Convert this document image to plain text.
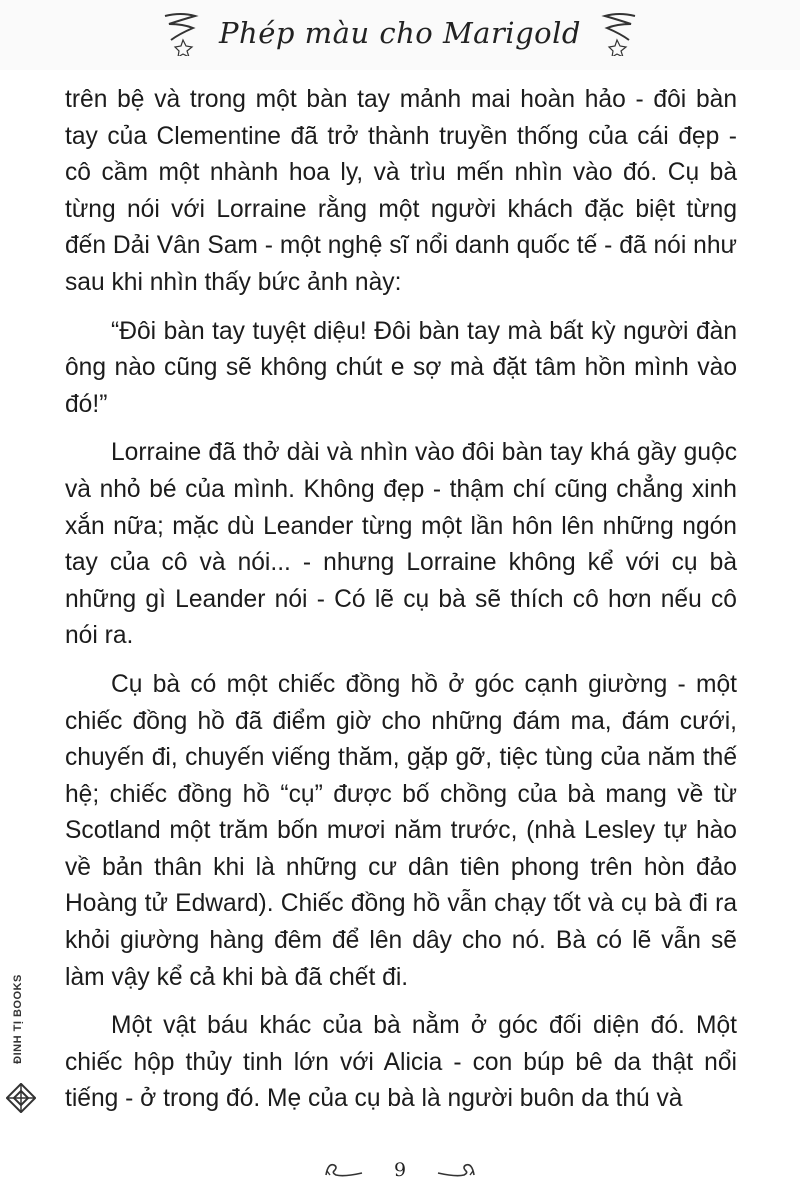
Phép màu cho Marigold

trên bệ và trong một bàn tay mảnh mai hoàn hảo - đôi bàn tay của Clementine đã trở thành truyền thống của cái đẹp - cô cầm một nhành hoa ly, và trìu mến nhìn vào đó. Cụ bà từng nói với Lorraine rằng một người khách đặc biệt từng đến Dải Vân Sam - một nghệ sĩ nổi danh quốc tế - đã nói như sau khi nhìn thấy bức ảnh này:

“Đôi bàn tay tuyệt diệu! Đôi bàn tay mà bất kỳ người đàn ông nào cũng sẽ không chút e sợ mà đặt tâm hồn mình vào đó!”

Lorraine đã thở dài và nhìn vào đôi bàn tay khá gầy guộc và nhỏ bé của mình. Không đẹp - thậm chí cũng chẳng xinh xắn nữa; mặc dù Leander từng một lần hôn lên những ngón tay của cô và nói... - nhưng Lorraine không kể với cụ bà những gì Leander nói - Có lẽ cụ bà sẽ thích cô hơn nếu cô nói ra.

Cụ bà có một chiếc đồng hồ ở góc cạnh giường - một chiếc đồng hồ đã điểm giờ cho những đám ma, đám cưới, chuyến đi, chuyến viếng thăm, gặp gỡ, tiệc tùng của năm thế hệ; chiếc đồng hồ “cụ” được bố chồng của bà mang về từ Scotland một trăm bốn mươi năm trước, (nhà Lesley tự hào về bản thân khi là những cư dân tiên phong trên hòn đảo Hoàng tử Edward). Chiếc đồng hồ vẫn chạy tốt và cụ bà đi ra khỏi giường hàng đêm để lên dây cho nó. Bà có lẽ vẫn sẽ làm vậy kể cả khi bà đã chết đi.

Một vật báu khác của bà nằm ở góc đối diện đó. Một chiếc hộp thủy tinh lớn với Alicia - con búp bê da thật nổi tiếng - ở trong đó. Mẹ của cụ bà là người buôn da thú và

ĐINH TỊ BOOKS
9
